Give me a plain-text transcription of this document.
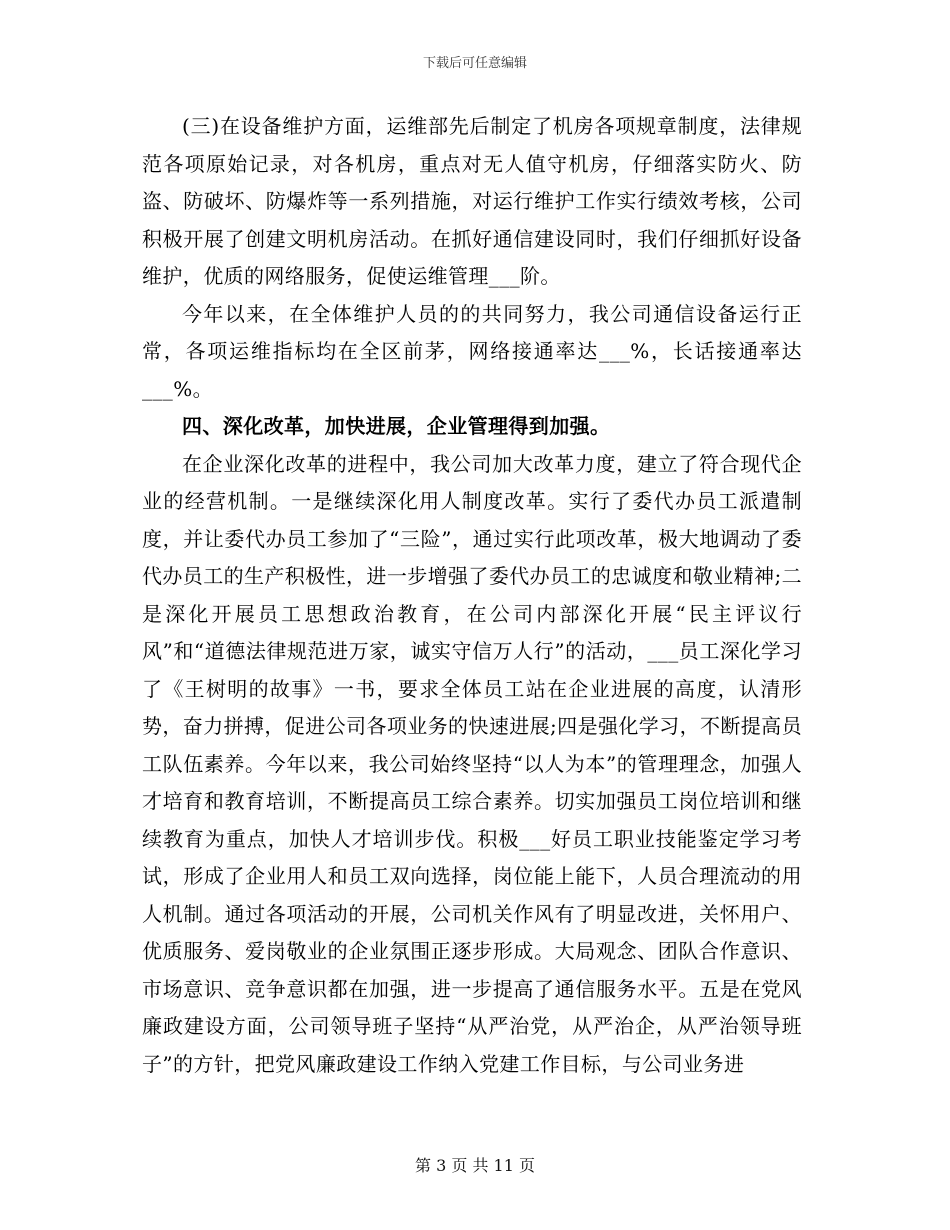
下载后可任意编辑

(三)在设备维护方面，运维部先后制定了机房各项规章制度，法律规范各项原始记录，对各机房，重点对无人值守机房，仔细落实防火、防盗、防破坏、防爆炸等一系列措施，对运行维护工作实行绩效考核，公司积极开展了创建文明机房活动。在抓好通信建设同时，我们仔细抓好设备维护，优质的网络服务，促使运维管理___阶。

今年以来，在全体维护人员的的共同努力，我公司通信设备运行正常，各项运维指标均在全区前茅，网络接通率达___%，长话接通率达___%。

四、深化改革，加快进展，企业管理得到加强。

在企业深化改革的进程中，我公司加大改革力度，建立了符合现代企业的经营机制。一是继续深化用人制度改革。实行了委代办员工派遣制度，并让委代办员工参加了“三险”，通过实行此项改革，极大地调动了委代办员工的生产积极性，进一步增强了委代办员工的忠诚度和敬业精神;二是深化开展员工思想政治教育，在公司内部深化开展“民主评议行风”和“道德法律规范进万家，诚实守信万人行”的活动，___员工深化学习了《王树明的故事》一书，要求全体员工站在企业进展的高度，认清形势，奋力拼搏，促进公司各项业务的快速进展;四是强化学习，不断提高员工队伍素养。今年以来，我公司始终坚持“以人为本”的管理理念，加强人才培育和教育培训，不断提高员工综合素养。切实加强员工岗位培训和继续教育为重点，加快人才培训步伐。积极___好员工职业技能鉴定学习考试，形成了企业用人和员工双向选择，岗位能上能下，人员合理流动的用人机制。通过各项活动的开展，公司机关作风有了明显改进，关怀用户、优质服务、爱岗敬业的企业氛围正逐步形成。大局观念、团队合作意识、市场意识、竞争意识都在加强，进一步提高了通信服务水平。五是在党风廉政建设方面，公司领导班子坚持“从严治党，从严治企，从严治领导班子”的方针，把党风廉政建设工作纳入党建工作目标，与公司业务进

第 3 页 共 11 页
